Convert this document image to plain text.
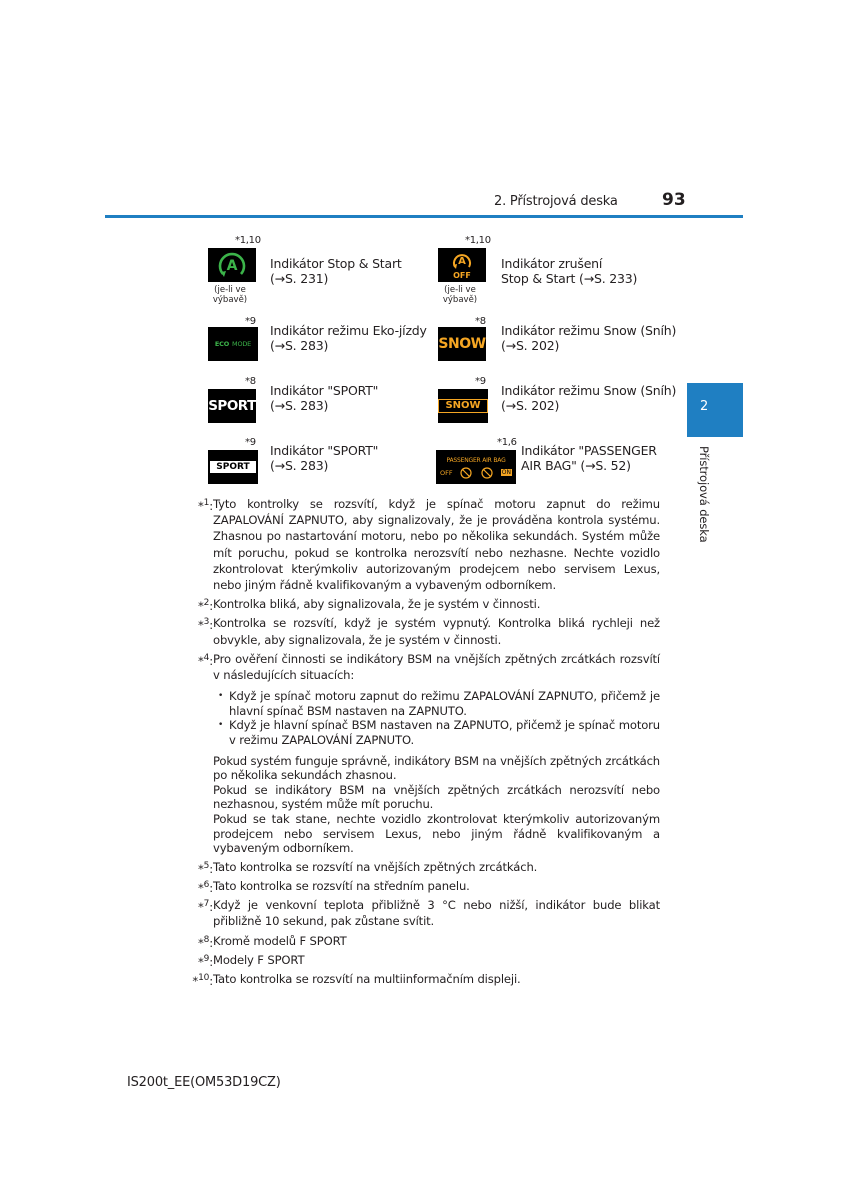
2. Přístrojová deska	93
2
Přístrojová deska
*1,10
A
(je-li ve
výbavě)
Indikátor Stop & Start
(→S. 231)
*1,10
A
OFF
(je-li ve
výbavě)
Indikátor zrušení
Stop & Start (→S. 233)
*9
ECO MODE
Indikátor režimu Eko-jízdy
(→S. 283)
*8
SNOW
Indikátor režimu Snow (Sníh)
(→S. 202)
*8
SPORT
Indikátor "SPORT"
(→S. 283)
*9
SNOW
Indikátor režimu Snow (Sníh)
(→S. 202)
*9
SPORT
Indikátor "SPORT"
(→S. 283)
*1,6
PASSENGER AIR BAG
OFF	ON
Indikátor "PASSENGER
AIR BAG" (→S. 52)
*$^1$: Tyto kontrolky se rozsvítí, když je spínač motoru zapnut do režimu ZAPALOVÁNÍ ZAPNUTO, aby signalizovaly, že je prováděna kontrola systému. Zhasnou po nastartování motoru, nebo po několika sekundách. Systém může mít poruchu, pokud se kontrolka nerozsvítí nebo nezhasne. Nechte vozidlo zkontrolovat kterýmkoliv autorizovaným prodejcem nebo servisem Lexus, nebo jiným řádně kvalifikovaným a vybaveným odborníkem.
*$^2$: Kontrolka bliká, aby signalizovala, že je systém v činnosti.
*$^3$: Kontrolka se rozsvítí, když je systém vypnutý. Kontrolka bliká rychleji než obvykle, aby signalizovala, že je systém v činnosti.
*$^4$: Pro ověření činnosti se indikátory BSM na vnějších zpětných zrcátkách rozsvítí v následujících situacích:
• Když je spínač motoru zapnut do režimu ZAPALOVÁNÍ ZAPNUTO, přičemž je hlavní spínač BSM nastaven na ZAPNUTO.
• Když je hlavní spínač BSM nastaven na ZAPNUTO, přičemž je spínač motoru v režimu ZAPALOVÁNÍ ZAPNUTO.
Pokud systém funguje správně, indikátory BSM na vnějších zpětných zrcátkách po několika sekundách zhasnou.
Pokud se indikátory BSM na vnějších zpětných zrcátkách nerozsvítí nebo nezhasnou, systém může mít poruchu.
Pokud se tak stane, nechte vozidlo zkontrolovat kterýmkoliv autorizovaným prodejcem nebo servisem Lexus, nebo jiným řádně kvalifikovaným a vybaveným odborníkem.
*$^5$: Tato kontrolka se rozsvítí na vnějších zpětných zrcátkách.
*$^6$: Tato kontrolka se rozsvítí na středním panelu.
*$^7$: Když je venkovní teplota přibližně 3 °C nebo nižší, indikátor bude blikat přibližně 10 sekund, pak zůstane svítit.
*$^8$: Kromě modelů F SPORT
*$^9$: Modely F SPORT
*$^{10}$: Tato kontrolka se rozsvítí na multiinformačním displeji.
IS200t_EE(OM53D19CZ)
